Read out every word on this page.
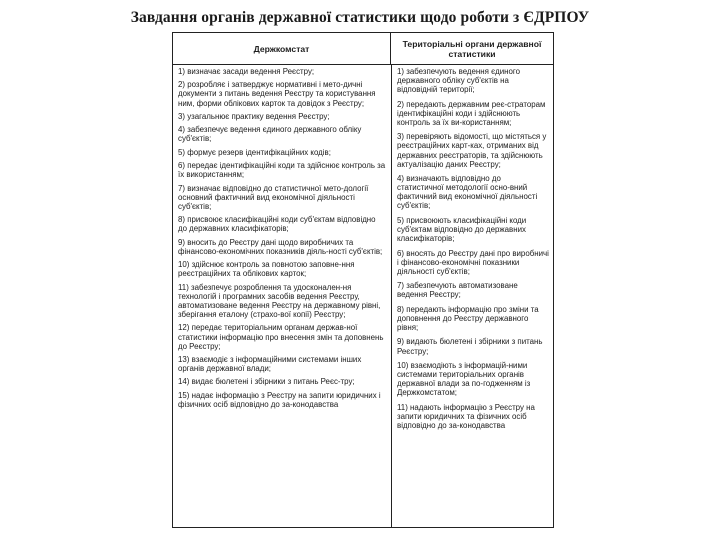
Завдання органів державної статистики щодо роботи з ЄДРПОУ
Держкомстат	Територіальні органи державної статистики
1) визначає засади ведення Реєстру;
2) розробляє і затверджує нормативні і мето-дичні документи з питань ведення Реєстру та користування ним, форми облікових карток та довідок з Реєстру;
3) узагальнює практику ведення Реєстру;
4) забезпечує ведення єдиного державного обліку суб'єктів;
5) формує резерв ідентифікаційних кодів;
6) передає ідентифікаційні коди та здійснює контроль за їх використанням;
7) визначає відповідно до статистичної мето-дології основний фактичний вид економічної діяльності суб'єктів;
8) присвоює класифікаційні коди суб'єктам відповідно до державних класифікаторів;
9) вносить до Реєстру дані щодо виробничих та фінансово-економічних показників діяль-ності суб'єктів;
10) здійснює контроль за повнотою заповне-ння реєстраційних та облікових карток;
11) забезпечує розроблення та удосконален-ня технологій і програмних засобів ведення Реєстру, автоматизоване ведення Реєстру на державному рівні, зберігання еталону (страхо-вої копії) Реєстру;
12) передає територіальним органам держав-ної статистики інформацію про внесення змін та доповнень до Реєстру;
13) взаємодіє з інформаційними системами інших органів державної влади;
14) видає бюлетені і збірники з питань Реєс-тру;
15) надає інформацію з Реєстру на запити юридичних і фізичних осіб відповідно до за-конодавства
1) забезпечують ведення єдиного державного обліку суб'єктів на відповідній території;
2) передають державним реє-страторам ідентифікаційні коди і здійснюють контроль за їх ви-користанням;
3) перевіряють відомості, що містяться у реєстраційних карт-ках, отриманих від державних реєстраторів, та здійснюють актуалізацію даних Реєстру;
4) визначають відповідно до статистичної методології осно-вний фактичний вид економічної діяльності суб'єктів;
5) присвоюють класифікаційні коди суб'єктам відповідно до державних класифікаторів;
6) вносять до Реєстру дані про виробничі і фінансово-економічні показники діяльності суб'єктів;
7) забезпечують автоматизоване ведення Реєстру;
8) передають інформацію про зміни та доповнення до Реєстру державного рівня;
9) видають бюлетені і збірники з питань Реєстру;
10) взаємодіють з інформацій-ними системами територіальних органів державної влади за по-годженням із Держкомстатом;
11) надають інформацію з Реєстру на запити юридичних та фізичних осіб відповідно до за-конодавства
